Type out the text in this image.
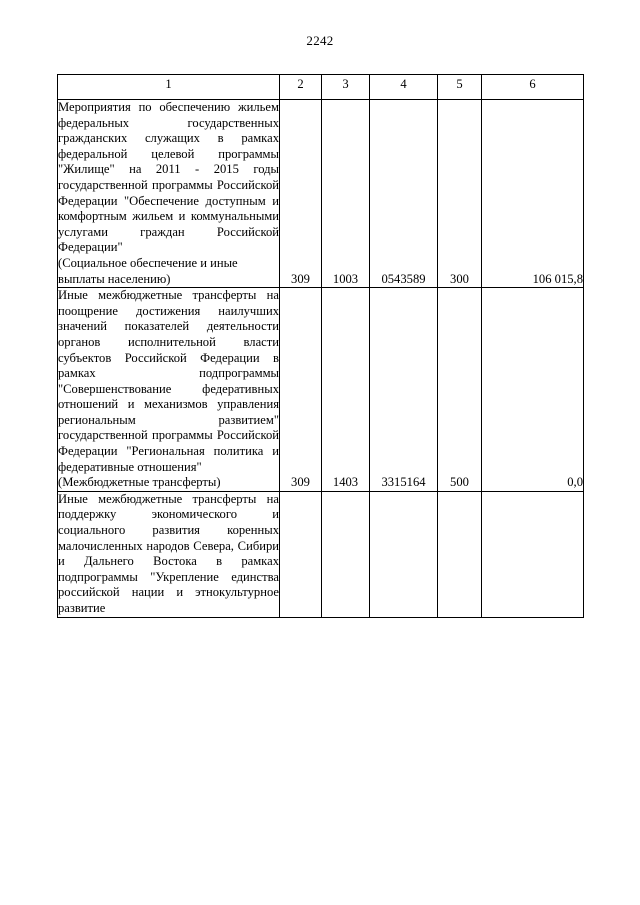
2242
1	2	3	4	5	6

Мероприятия по обеспечению жильем федеральных государственных гражданских служащих в рамках федеральной целевой программы "Жилище" на 2011 - 2015 годы государственной программы Российской Федерации "Обеспечение доступным и комфортным жильем и коммунальными услугами граждан Российской Федерации"

(Социальное обеспечение и иные выплаты населению)	309	1003	0543589	300	106 015,8

Иные межбюджетные трансферты на поощрение достижения наилучших значений показателей деятельности органов исполнительной власти субъектов Российской Федерации в рамках подпрограммы "Совершенствование федеративных отношений и механизмов управления региональным развитием" государственной программы Российской Федерации "Региональная политика и федеративные отношения"

(Межбюджетные трансферты)	309	1403	3315164	500	0,0

Иные межбюджетные трансферты на поддержку экономического и социального развития коренных малочисленных народов Севера, Сибири и Дальнего Востока в рамках подпрограммы "Укрепление единства российской нации и этнокультурное развитие					
